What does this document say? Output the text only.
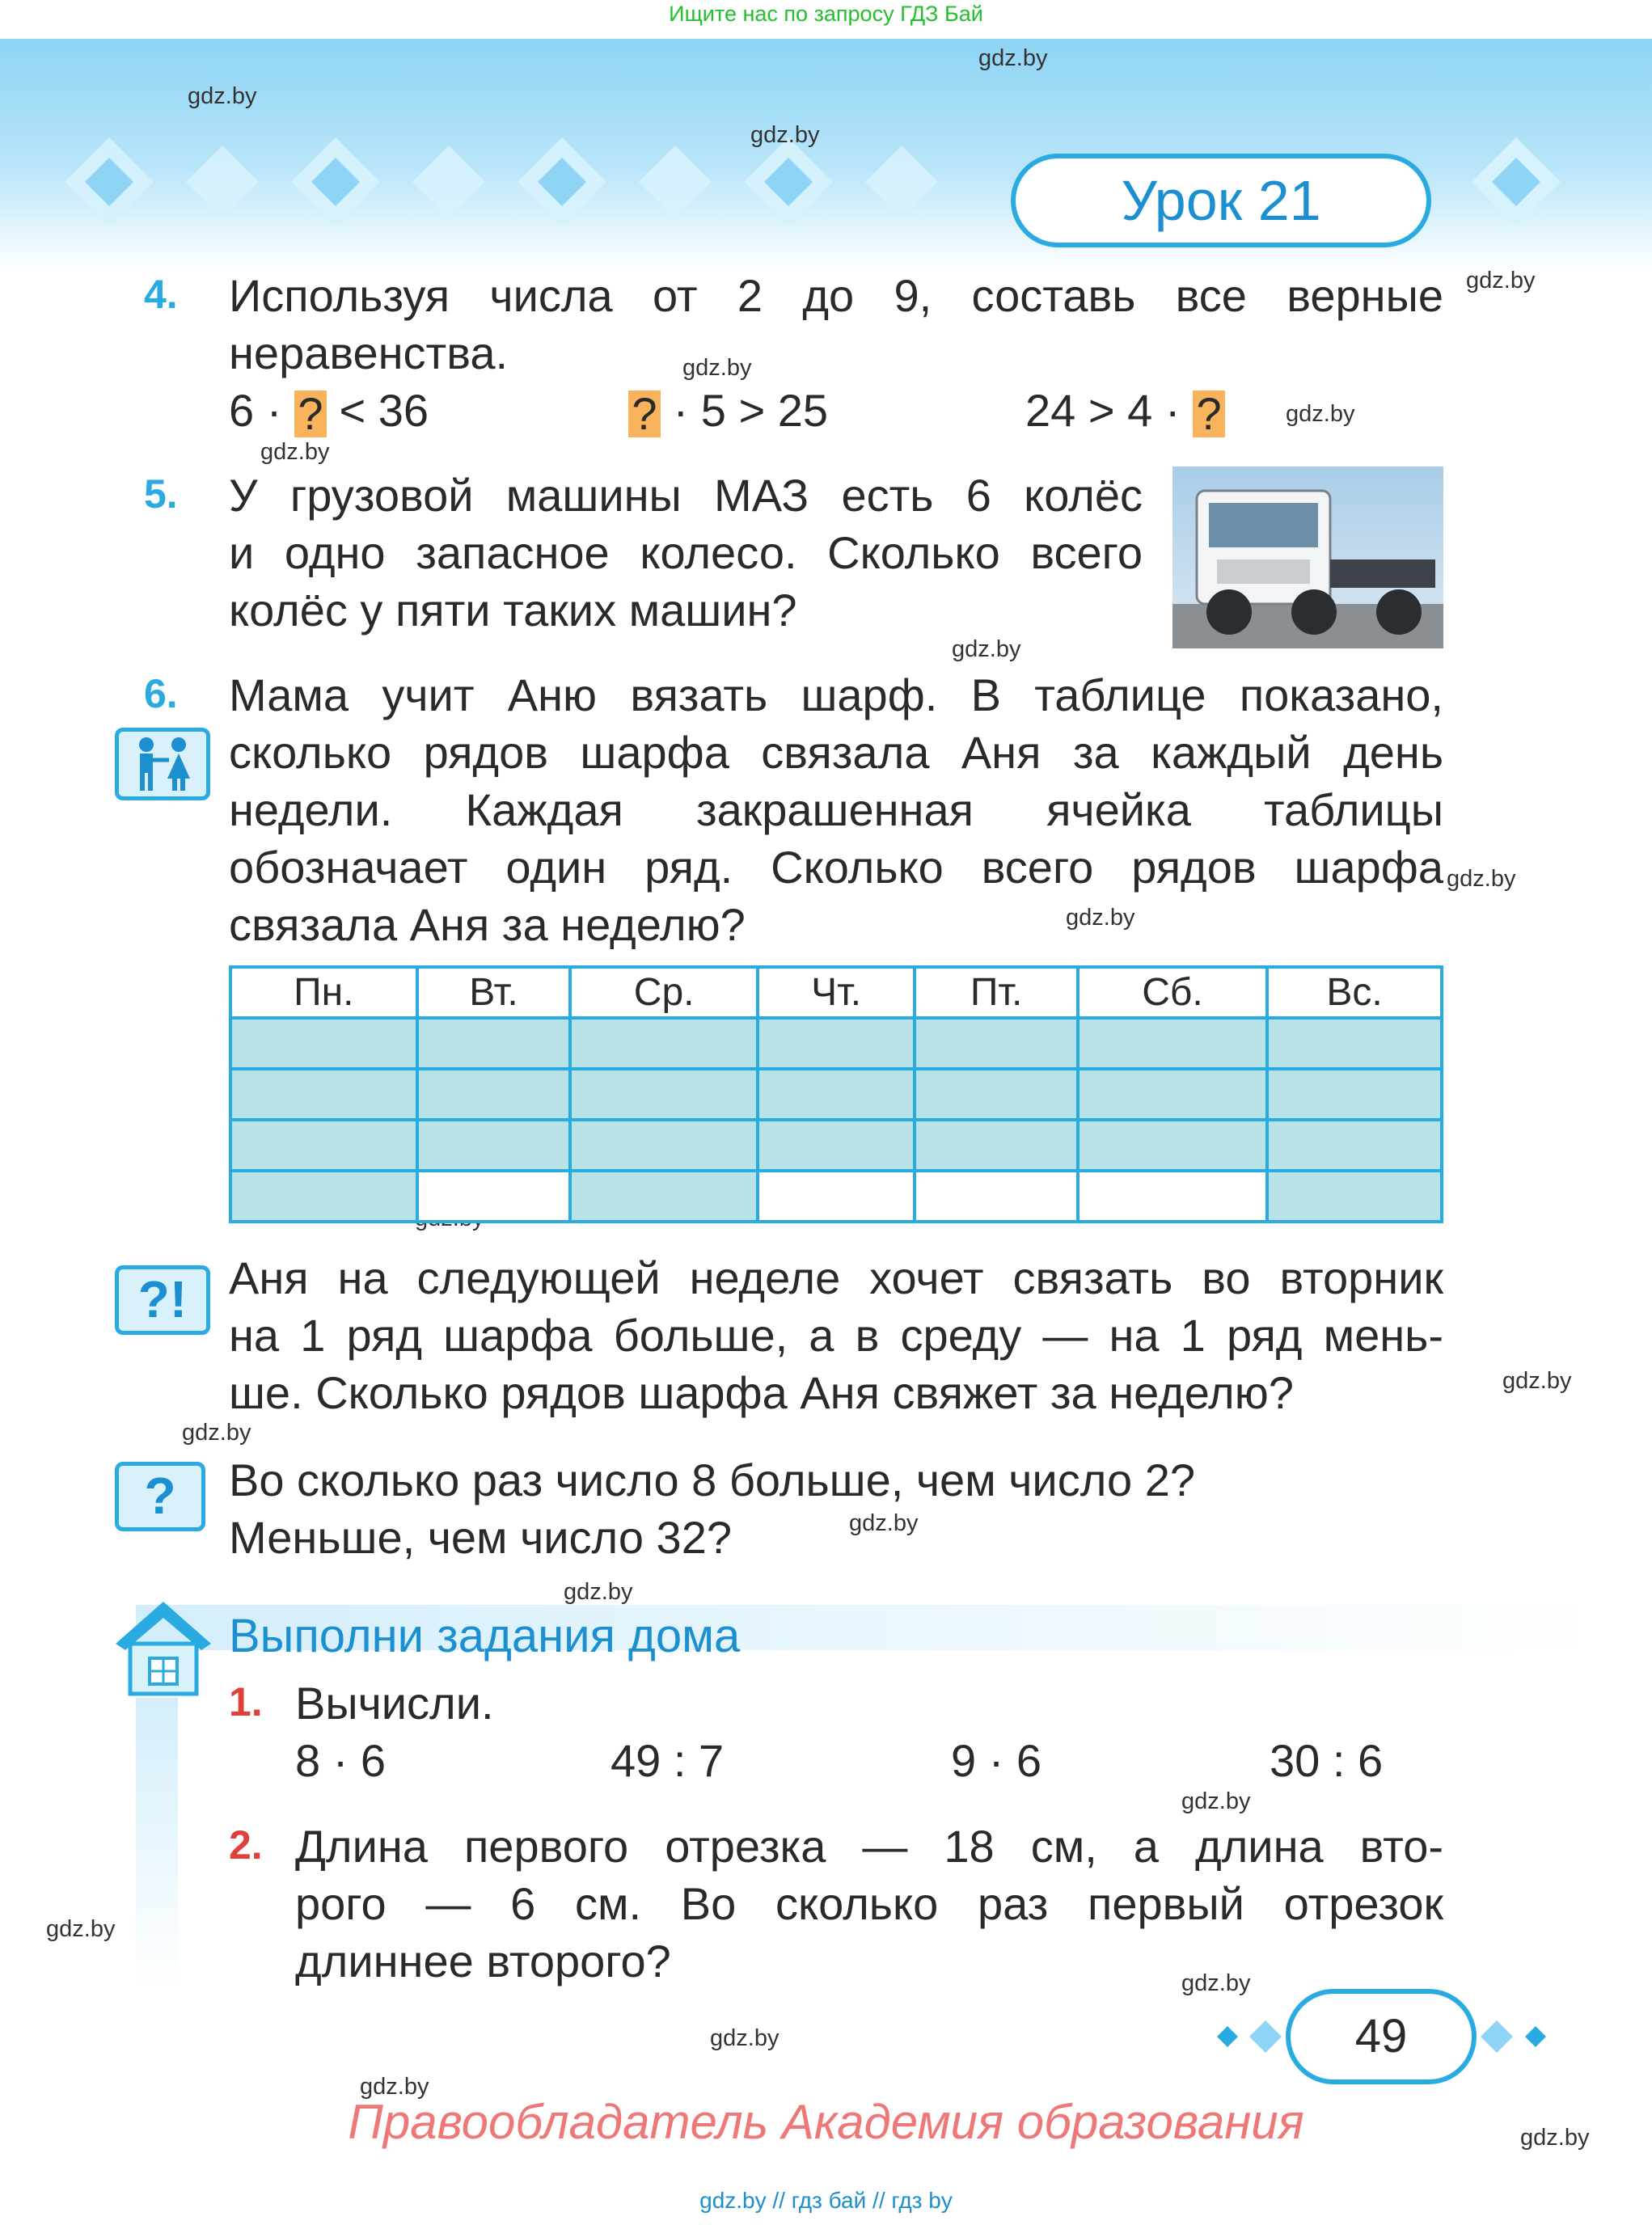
Ищите нас по запросу ГДЗ Бай
Урок 21
gdz.by
gdz.by
gdz.by
gdz.by
gdz.by
gdz.by
gdz.by
gdz.by
gdz.by
gdz.by
gdz.by
gdz.by
gdz.by
gdz.by
gdz.by
gdz.by
gdz.by
gdz.by
gdz.by
gdz.by
4. Используя числа от 2 до 9, составь все верные
неравенства.
6 · ? < 36	? · 5 > 25	24 > 4 · ?
5. У грузовой машины МАЗ есть 6 колёс
и одно запасное колесо. Сколько всего
колёс у пяти таких машин?
6. Мама учит Аню вязать шарф. В таблице показано,
сколько рядов шарфа связала Аня за каждый день
недели. Каждая закрашенная ячейка таблицы
обозначает один ряд. Сколько всего рядов шарфа
связала Аня за неделю?
Пн.	Вт.	Ср.	Чт.	Пт.	Сб.	Вс.

?! Аня на следующей неделе хочет связать во вторник
на 1 ряд шарфа больше, а в среду — на 1 ряд мень-
ше. Сколько рядов шарфа Аня свяжет за неделю?
?	Во сколько раз число 8 больше, чем число 2?
Меньше, чем число 32?
Выполни задания дома
1. Вычисли.
8 · 6	49 : 7	9 · 6	30 : 6
2. Длина первого отрезка — 18 см, а длина вто-
рого — 6 см. Во сколько раз первый отрезок
длиннее второго?
49
Правообладатель Академия образования
gdz.by // гдз бай // гдз by
